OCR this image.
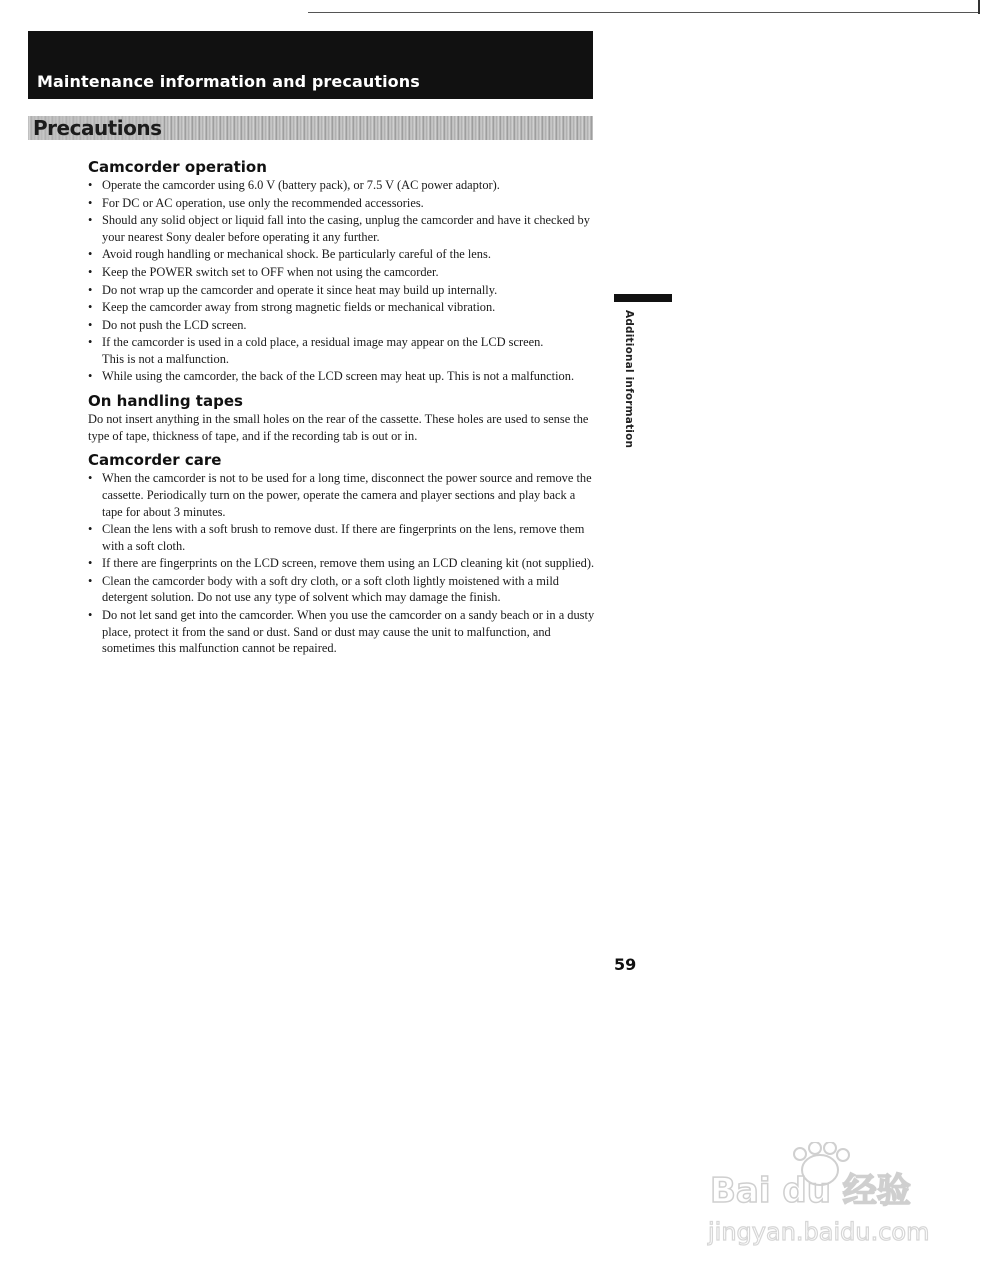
Maintenance information and precautions
Precautions
Camcorder operation
• Operate the camcorder using 6.0 V (battery pack), or 7.5 V (AC power adaptor).
• For DC or AC operation, use only the recommended accessories.
• Should any solid object or liquid fall into the casing, unplug the camcorder and have it checked by your nearest Sony dealer before operating it any further.
• Avoid rough handling or mechanical shock. Be particularly careful of the lens.
• Keep the POWER switch set to OFF when not using the camcorder.
• Do not wrap up the camcorder and operate it since heat may build up internally.
• Keep the camcorder away from strong magnetic fields or mechanical vibration.
• Do not push the LCD screen.
• If the camcorder is used in a cold place, a residual image may appear on the LCD screen.
This is not a malfunction.
• While using the camcorder, the back of the LCD screen may heat up. This is not a malfunction.
On handling tapes

Do not insert anything in the small holes on the rear of the cassette. These holes are used to sense the type of tape, thickness of tape, and if the recording tab is out or in.

Camcorder care
• When the camcorder is not to be used for a long time, disconnect the power source and remove the cassette. Periodically turn on the power, operate the camera and player sections and play back a tape for about 3 minutes.
• Clean the lens with a soft brush to remove dust. If there are fingerprints on the lens, remove them with a soft cloth.
• If there are fingerprints on the LCD screen, remove them using an LCD cleaning kit (not supplied).
• Clean the camcorder body with a soft dry cloth, or a soft cloth lightly moistened with a mild detergent solution. Do not use any type of solvent which may damage the finish.
• Do not let sand get into the camcorder. When you use the camcorder on a sandy beach or in a dusty place, protect it from the sand or dust. Sand or dust may cause the unit to malfunction, and sometimes this malfunction cannot be repaired.
Additional information
59
Bai du 经验
jingyan.baidu.com
